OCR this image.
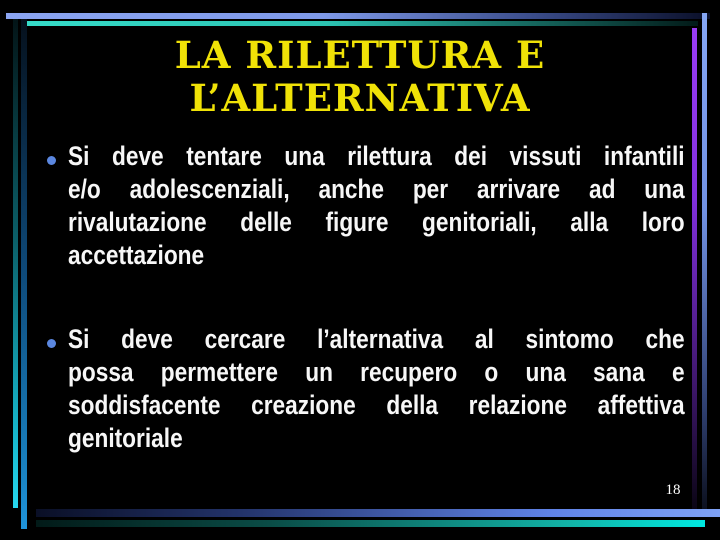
LA RILETTURA E
L’ALTERNATIVA
Si deve tentare una rilettura dei vissuti infantili
e/o adolescenziali, anche per arrivare ad una
rivalutazione delle figure genitoriali, alla loro
accettazione
Si deve cercare l’alternativa al sintomo che
possa permettere un recupero o una sana e
soddisfacente creazione della relazione affettiva
genitoriale
18
